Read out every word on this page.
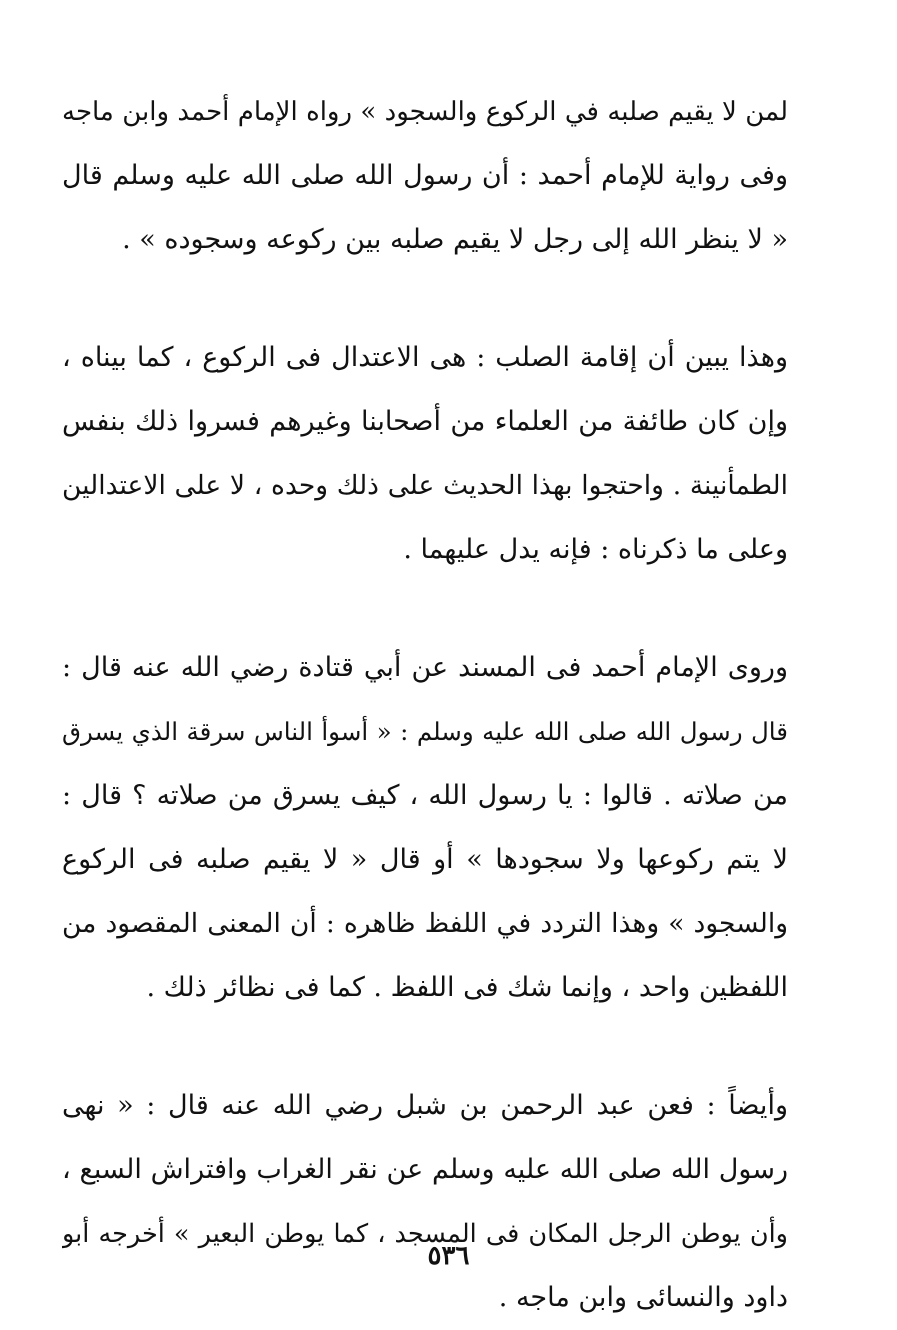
لمن لا يقيم صلبه في الركوع والسجود » رواه الإمام أحمد وابن ماجه
وفى رواية للإمام أحمد : أن رسول الله صلى الله عليه وسلم قال
« لا ينظر الله إلى رجل لا يقيم صلبه بين ركوعه وسجوده » .

وهذا يبين أن إقامة الصلب : هى الاعتدال فى الركوع ، كما بيناه ،
وإن كان طائفة من العلماء من أصحابنا وغيرهم فسروا ذلك بنفس
الطمأنينة . واحتجوا بهذا الحديث على ذلك وحده ، لا على الاعتدالين
وعلى ما ذكرناه : فإنه يدل عليهما .

وروى الإمام أحمد فى المسند عن أبي قتادة رضي الله عنه قال :
قال رسول الله صلى الله عليه وسلم : « أسوأ الناس سرقة الذي يسرق
من صلاته . قالوا : يا رسول الله ، كيف يسرق من صلاته ؟ قال :
لا يتم ركوعها ولا سجودها » أو قال « لا يقيم صلبه فى الركوع
والسجود » وهذا التردد في اللفظ ظاهره : أن المعنى المقصود من
اللفظين واحد ، وإنما شك فى اللفظ . كما فى نظائر ذلك .

وأيضاً : فعن عبد الرحمن بن شبل رضي الله عنه قال : « نهى
رسول الله صلى الله عليه وسلم عن نقر الغراب وافتراش السبع ،
وأن يوطن الرجل المكان فى المسجد ، كما يوطن البعير » أخرجه أبو
داود والنسائى وابن ماجه .

٥٣٦
